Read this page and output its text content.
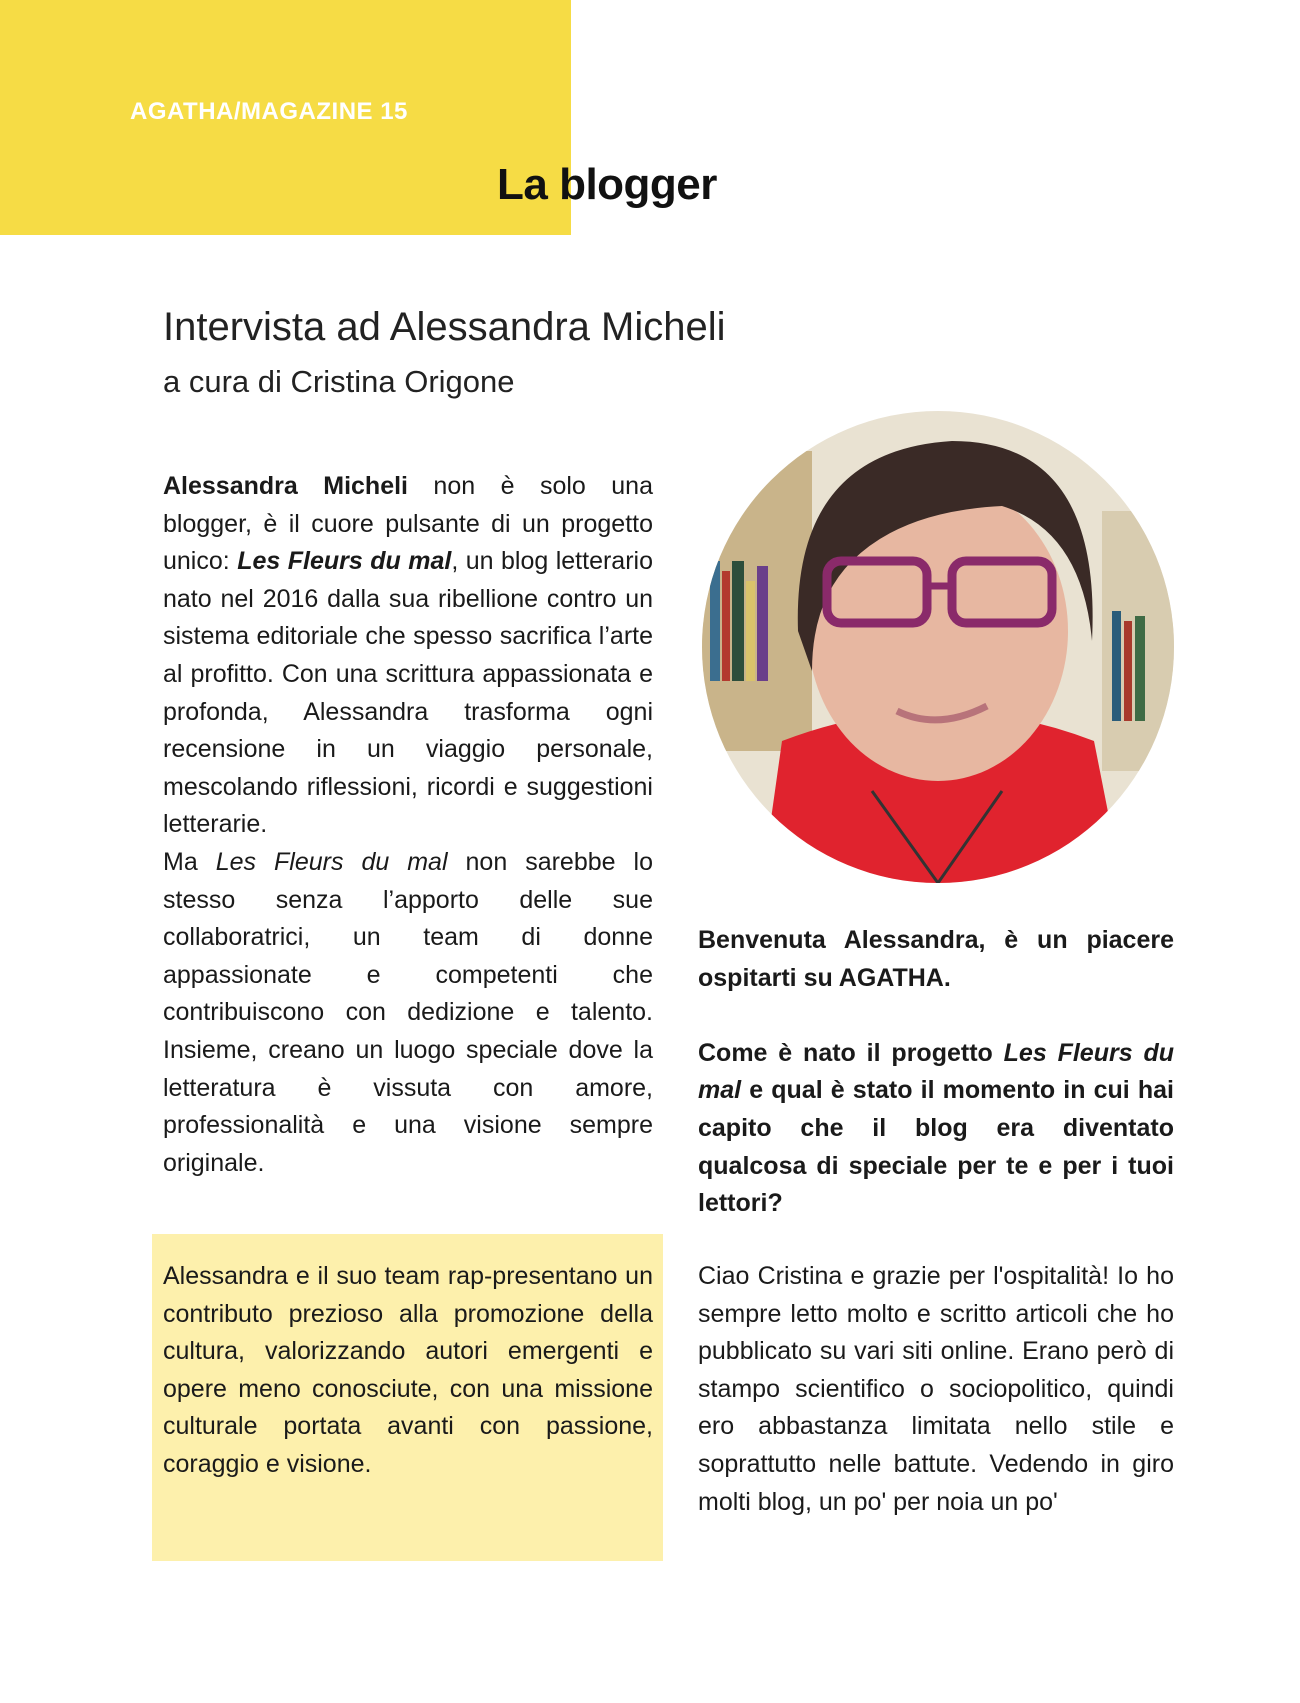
AGATHA/MAGAZINE 15

La blogger
Intervista ad Alessandra Micheli

a cura di Cristina Origone

Alessandra Micheli non è solo una blogger, è il cuore pulsante di un progetto unico: Les Fleurs du mal, un blog letterario nato nel 2016 dalla sua ribellione contro un sistema editoriale che spesso sacrifica l’arte al profitto. Con una scrittura appassionata e profonda, Alessandra trasforma ogni recensione in un viaggio personale, mescolando riflessioni, ricordi e suggestioni letterarie.

Ma Les Fleurs du mal non sarebbe lo stesso senza l’apporto delle sue collaboratrici, un team di donne appassionate e competenti che contribuiscono con dedizione e talento. Insieme, creano un luogo speciale dove la letteratura è vissuta con amore, professionalità e una visione sempre originale.

Alessandra e il suo team rap-presentano un contributo prezioso alla promozione della cultura, valorizzando autori emergenti e opere meno conosciute, con una missione culturale portata avanti con passione, coraggio e visione.

Benvenuta Alessandra, è un piacere ospitarti su AGATHA.

Come è nato il progetto Les Fleurs du mal e qual è stato il momento in cui hai capito che il blog era diventato qualcosa di speciale per te e per i tuoi lettori?

Ciao Cristina e grazie per l'ospitalità! Io ho sempre letto molto e scritto articoli che ho pubblicato su vari siti online. Erano però di stampo scientifico o sociopolitico, quindi ero abbastanza limitata nello stile e soprattutto nelle battute. Vedendo in giro molti blog, un po' per noia un po'
